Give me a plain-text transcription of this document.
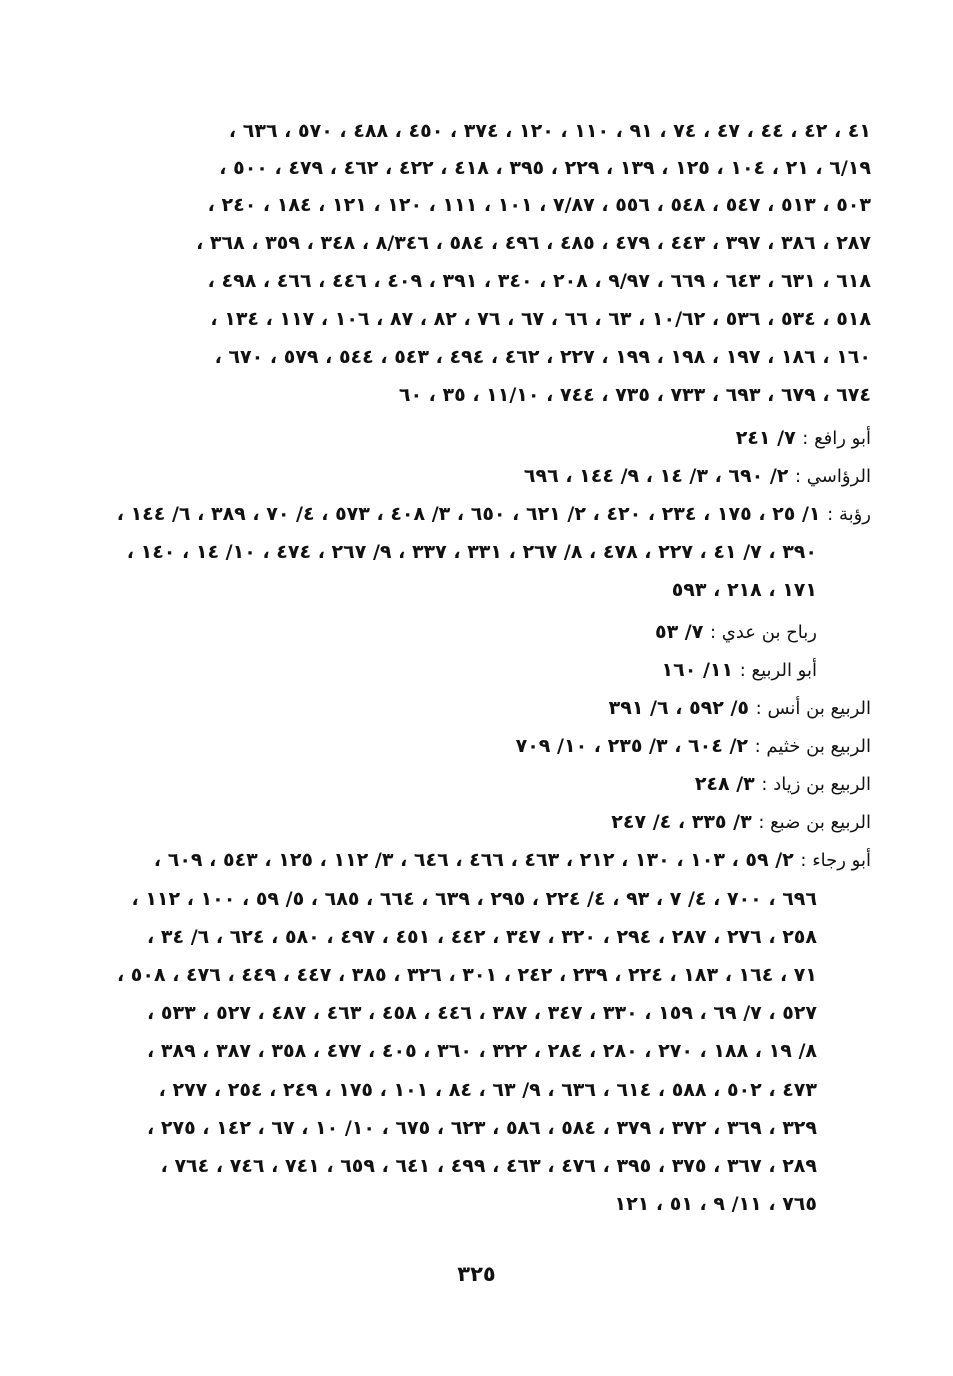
٤١ ، ٤٢ ، ٤٤ ، ٤٧ ، ٧٤ ، ٩١ ، ١١٠ ، ١٢٠ ، ٣٧٤ ، ٤٥٠ ، ٤٨٨ ، ٥٧٠ ، ٦٣٦ ،
٦/١٩ ، ٢١ ، ١٠٤ ، ١٢٥ ، ١٣٩ ، ٢٢٩ ، ٣٩٥ ، ٤١٨ ، ٤٢٢ ، ٤٦٢ ، ٤٧٩ ، ٥٠٠ ،
٥٠٣ ، ٥١٣ ، ٥٤٧ ، ٥٤٨ ، ٥٥٦ ، ٧/٨٧ ، ١٠١ ، ١١١ ، ١٢٠ ، ١٢١ ، ١٨٤ ، ٢٤٠ ،
٢٨٧ ، ٣٨٦ ، ٣٩٧ ، ٤٤٣ ، ٤٧٩ ، ٤٨٥ ، ٤٩٦ ، ٥٨٤ ، ٨/٣٤٦ ، ٣٤٨ ، ٣٥٩ ، ٣٦٨ ،
٦١٨ ، ٦٣١ ، ٦٤٣ ، ٦٦٩ ، ٩/٩٧ ، ٢٠٨ ، ٣٤٠ ، ٣٩١ ، ٤٠٩ ، ٤٤٦ ، ٤٦٦ ، ٤٩٨ ،
٥١٨ ، ٥٣٤ ، ٥٣٦ ، ١٠/٦٢ ، ٦٣ ، ٦٦ ، ٦٧ ، ٧٦ ، ٨٢ ، ٨٧ ، ١٠٦ ، ١١٧ ، ١٣٤ ،
١٦٠ ، ١٨٦ ، ١٩٧ ، ١٩٨ ، ١٩٩ ، ٢٢٧ ، ٤٦٢ ، ٤٩٤ ، ٥٤٣ ، ٥٤٤ ، ٥٧٩ ، ٦٧٠ ،
٦٧٤ ، ٦٧٩ ، ٦٩٣ ، ٧٣٣ ، ٧٣٥ ، ٧٤٤ ، ١١/١٠ ، ٣٥ ، ٦٠
أبو رافع : ٧/ ٢٤١
الرؤاسي : ٢/ ٦٩٠ ، ٣/ ١٤ ، ٩/ ١٤٤ ، ٦٩٦
رؤبة : ١/ ٢٥ ، ١٧٥ ، ٢٣٤ ، ٤٢٠ ، ٢/ ٦٢١ ، ٦٥٠ ، ٣/ ٤٠٨ ، ٥٧٣ ، ٤/ ٧٠ ، ٣٨٩ ، ٦/ ١٤٤ ،
٣٩٠ ، ٧/ ٤١ ، ٢٢٧ ، ٤٧٨ ، ٨/ ٢٦٧ ، ٣٣١ ، ٣٣٧ ، ٩/ ٢٦٧ ، ٤٧٤ ، ١٠/ ١٤ ، ١٤٠ ،
١٧١ ، ٢١٨ ، ٥٩٣
رباح بن عدي : ٧/ ٥٣
أبو الربيع : ١١/ ١٦٠
الربيع بن أنس : ٥/ ٥٩٢ ، ٦/ ٣٩١
الربيع بن خثيم : ٢/ ٦٠٤ ، ٣/ ٢٣٥ ، ١٠/ ٧٠٩
الربيع بن زياد : ٣/ ٢٤٨
الربيع بن ضبع : ٣/ ٣٣٥ ، ٤/ ٢٤٧
أبو رجاء : ٢/ ٥٩ ، ١٠٣ ، ١٣٠ ، ٢١٢ ، ٤٦٣ ، ٤٦٦ ، ٦٤٦ ، ٣/ ١١٢ ، ١٢٥ ، ٥٤٣ ، ٦٠٩ ،
٦٩٦ ، ٧٠٠ ، ٤/ ٧ ، ٩٣ ، ٤/ ٢٢٤ ، ٢٩٥ ، ٦٣٩ ، ٦٦٤ ، ٦٨٥ ، ٥/ ٥٩ ، ١٠٠ ، ١١٢ ،
٢٥٨ ، ٢٧٦ ، ٢٨٧ ، ٢٩٤ ، ٣٢٠ ، ٣٤٧ ، ٤٤٢ ، ٤٥١ ، ٤٩٧ ، ٥٨٠ ، ٦٢٤ ، ٦/ ٣٤ ،
٧١ ، ١٦٤ ، ١٨٣ ، ٢٢٤ ، ٢٣٩ ، ٢٤٢ ، ٣٠١ ، ٣٢٦ ، ٣٨٥ ، ٤٤٧ ، ٤٤٩ ، ٤٧٦ ، ٥٠٨ ،
٥٢٧ ، ٧/ ٦٩ ، ١٥٩ ، ٣٣٠ ، ٣٤٧ ، ٣٨٧ ، ٤٤٦ ، ٤٥٨ ، ٤٦٣ ، ٤٨٧ ، ٥٢٧ ، ٥٣٣ ،
٨/ ١٩ ، ١٨٨ ، ٢٧٠ ، ٢٨٠ ، ٢٨٤ ، ٣٢٢ ، ٣٦٠ ، ٤٠٥ ، ٤٧٧ ، ٣٥٨ ، ٣٨٧ ، ٣٨٩ ،
٤٧٣ ، ٥٠٢ ، ٥٨٨ ، ٦١٤ ، ٦٣٦ ، ٩/ ٦٣ ، ٨٤ ، ١٠١ ، ١٧٥ ، ٢٤٩ ، ٢٥٤ ، ٢٧٧ ،
٣٢٩ ، ٣٦٩ ، ٣٧٢ ، ٣٧٩ ، ٥٨٤ ، ٥٨٦ ، ٦٢٣ ، ٦٧٥ ، ١٠/ ١٠ ، ٦٧ ، ١٤٢ ، ٢٧٥ ،
٢٨٩ ، ٣٦٧ ، ٣٧٥ ، ٣٩٥ ، ٤٧٦ ، ٤٦٣ ، ٤٩٩ ، ٦٤١ ، ٦٥٩ ، ٧٤١ ، ٧٤٦ ، ٧٦٤ ،
٧٦٥ ، ١١/ ٩ ، ٥١ ، ١٢١
٣٢٥
